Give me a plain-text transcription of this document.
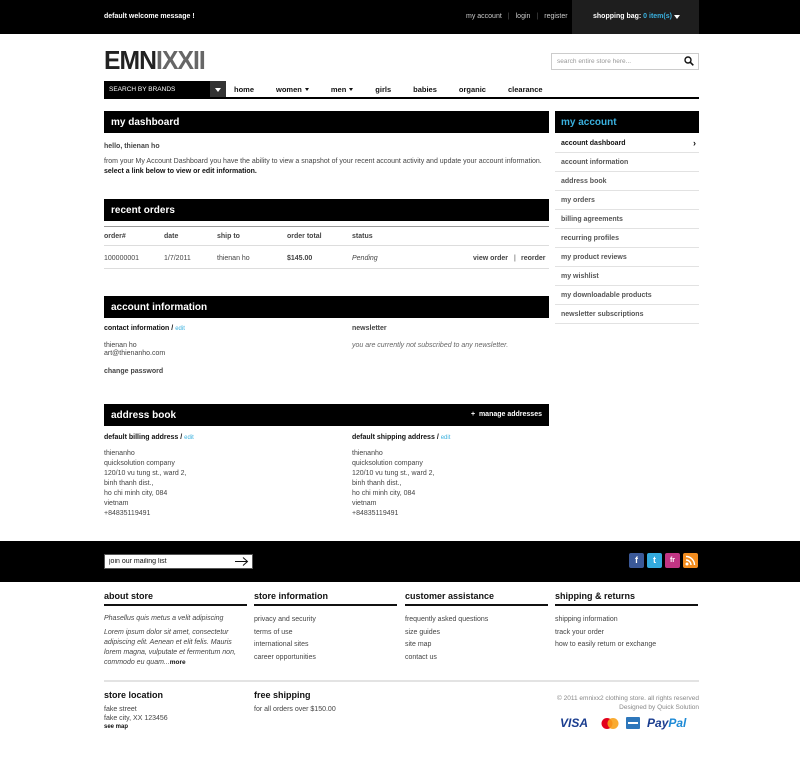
default welcome message !	my account | login | register	shopping bag: 0 item(s)
EMNIXXII
search entire store here...
SEARCH BY BRANDS	home	women	men	girls	babies	organic	clearance
my dashboard
hello, thienan ho
from your My Account Dashboard you have the ability to view a snapshot of your recent account activity and update your account information. select a link below to view or edit information.
recent orders
order#	date	ship to	order total	status
100000001	1/7/2011	thienan ho	$145.00	Pending	view order | reorder
account information
contact information / edit
thienan ho
art@thienanho.com
change password
newsletter
you are currently not subscribed to any newsletter.
address book	+ manage addresses
default billing address / edit
thienanho
quicksolution company
120/10 vu tung st., ward 2,
binh thanh dist.,
ho chi minh city, 084
vietnam
+84835119491
default shipping address / edit
thienanho
quicksolution company
120/10 vu tung st., ward 2,
binh thanh dist.,
ho chi minh city, 084
vietnam
+84835119491
my account
account dashboard	›
account information
address book
my orders
billing agreements
recurring profiles
my product reviews
my wishlist
my downloadable products
newsletter subscriptions
join our mailing list
f	t	fr
about store	store information	customer assistance	shipping & returns
Phasellus quis metus a velit adipiscing
Lorem ipsum dolor sit amet, consectetur adipiscing elit. Aenean et elit felis. Mauris lorem magna, vulputate et fermentum non, commodo eu quam...more
privacy and security
terms of use
international sites
career opportunities
frequently asked questions
size guides
site map
contact us
shipping information
track your order
how to easily return or exchange
store location
fake street
fake city, XX 123456
see map
free shipping
for all orders over $150.00
© 2011 emnixx2 clothing store. all rights reserved
Designed by Quick Solution
VISA	PayPal
